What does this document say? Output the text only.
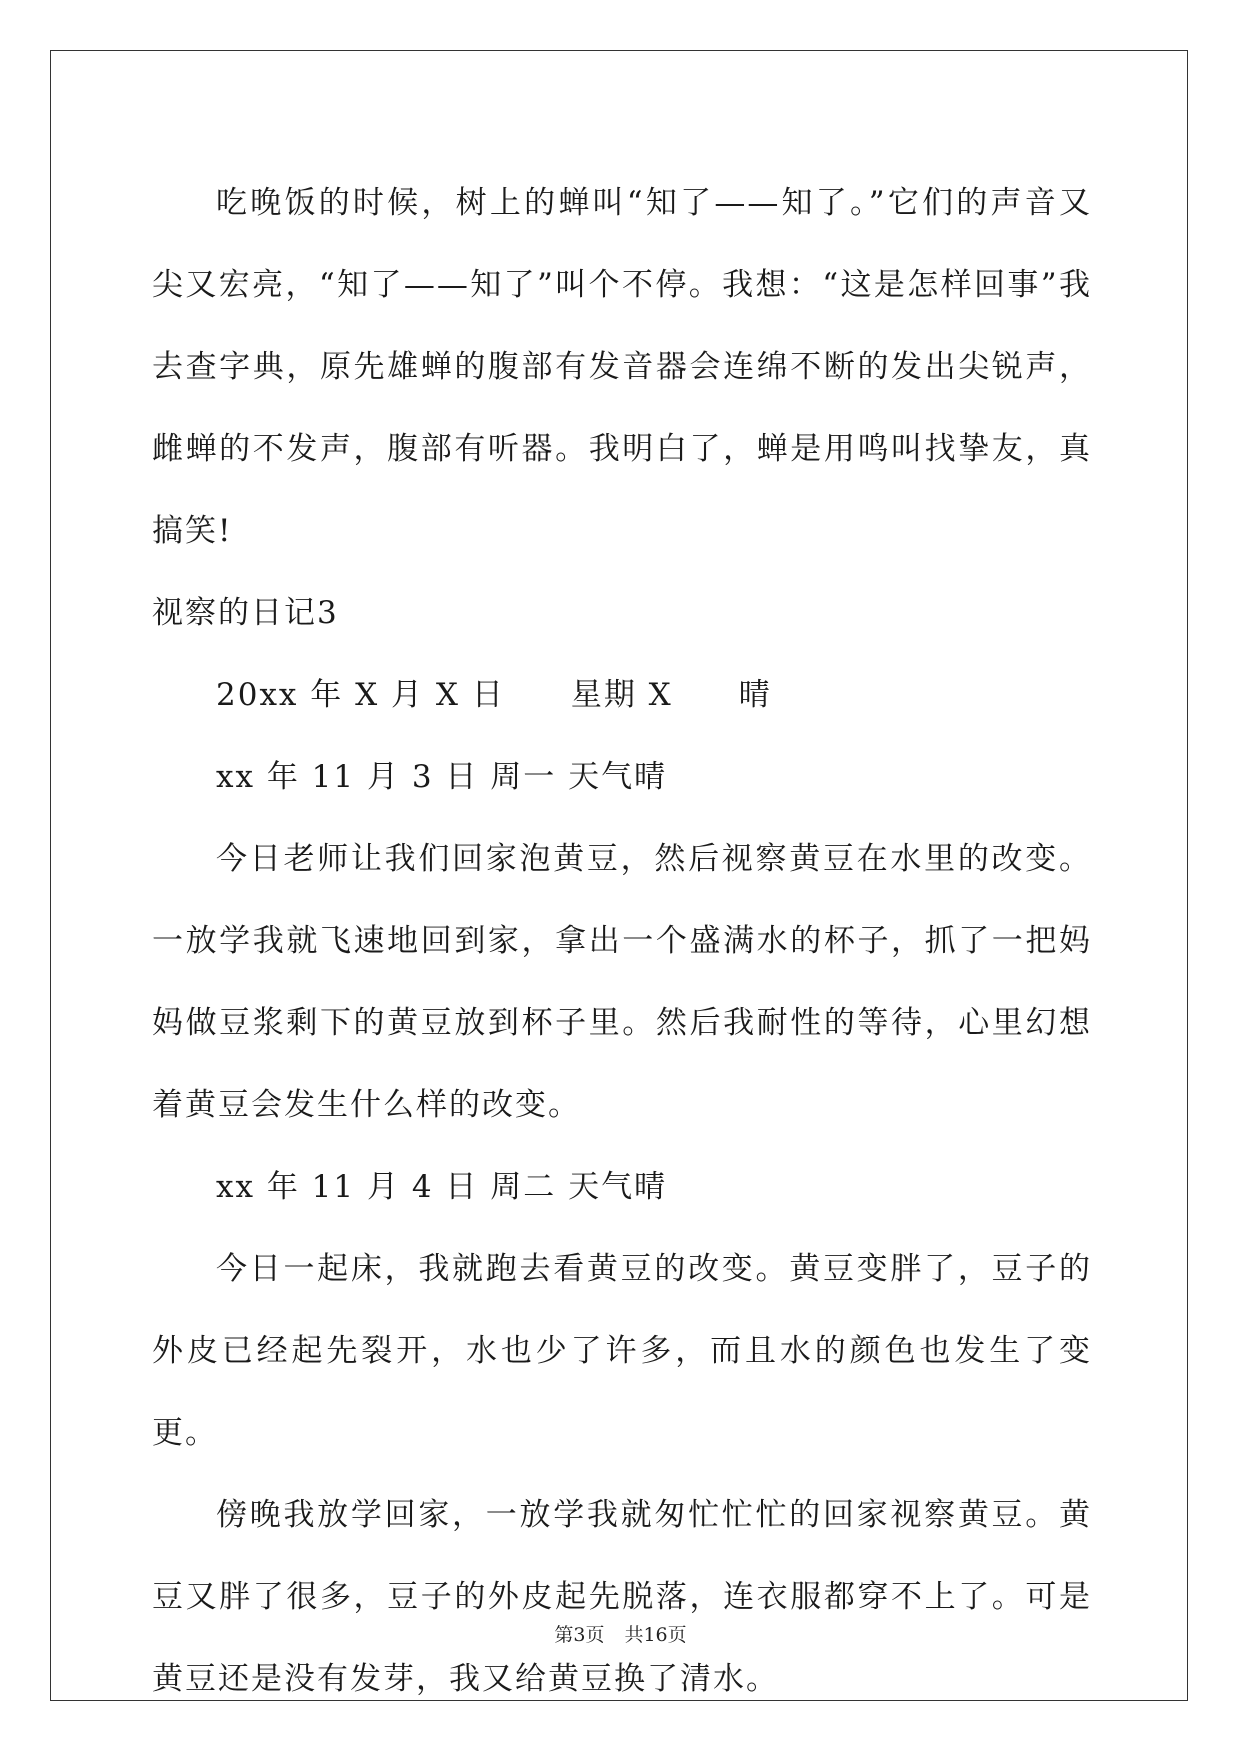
吃晚饭的时候，树上的蝉叫“知了——知了。”它们的声音又尖又宏亮，“知了——知了”叫个不停。我想：“这是怎样回事”我去查字典，原先雄蝉的腹部有发音器会连绵不断的发出尖锐声，雌蝉的不发声，腹部有听器。我明白了，蝉是用鸣叫找挚友，真搞笑!

视察的日记3

20xx 年 X 月 X 日　　星期 X　　晴

xx 年 11 月 3 日 周一 天气晴

今日老师让我们回家泡黄豆，然后视察黄豆在水里的改变。一放学我就飞速地回到家，拿出一个盛满水的杯子，抓了一把妈妈做豆浆剩下的黄豆放到杯子里。然后我耐性的等待，心里幻想着黄豆会发生什么样的改变。

xx 年 11 月 4 日 周二 天气晴

今日一起床，我就跑去看黄豆的改变。黄豆变胖了，豆子的外皮已经起先裂开，水也少了许多，而且水的颜色也发生了变更。

傍晚我放学回家，一放学我就匆忙忙忙的回家视察黄豆。黄豆又胖了很多，豆子的外皮起先脱落，连衣服都穿不上了。可是黄豆还是没有发芽，我又给黄豆换了清水。

第3页 共16页
